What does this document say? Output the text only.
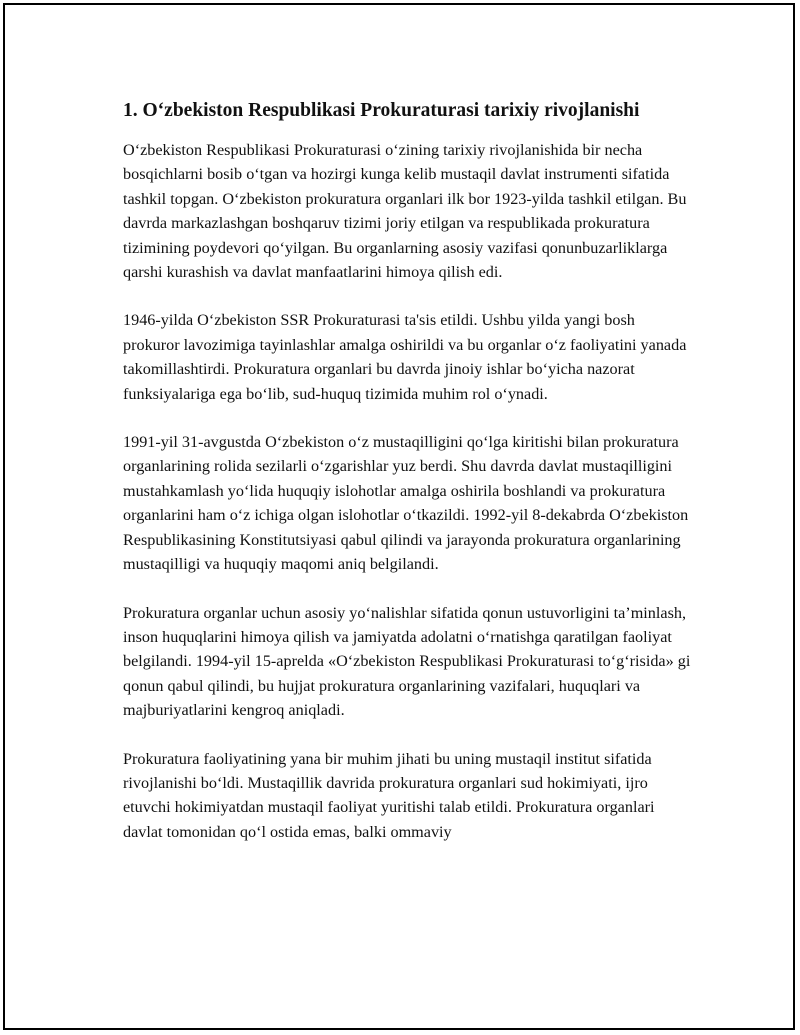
1. O‘zbekiston Respublikasi Prokuraturasi tarixiy rivojlanishi

O‘zbekiston Respublikasi Prokuraturasi o‘zining tarixiy rivojlanishida bir necha bosqichlarni bosib o‘tgan va hozirgi kunga kelib mustaqil davlat instrumenti sifatida tashkil topgan. O‘zbekiston prokuratura organlari ilk bor 1923-yilda tashkil etilgan. Bu davrda markazlashgan boshqaruv tizimi joriy etilgan va respublikada prokuratura tizimining poydevori qo‘yilgan. Bu organlarning asosiy vazifasi qonunbuzarliklarga qarshi kurashish va davlat manfaatlarini himoya qilish edi.

1946-yilda O‘zbekiston SSR Prokuraturasi ta'sis etildi. Ushbu yilda yangi bosh prokuror lavozimiga tayinlashlar amalga oshirildi va bu organlar o‘z faoliyatini yanada takomillashtirdi. Prokuratura organlari bu davrda jinoiy ishlar bo‘yicha nazorat funksiyalariga ega bo‘lib, sud-huquq tizimida muhim rol o‘ynadi.

1991-yil 31-avgustda O‘zbekiston o‘z mustaqilligini qo‘lga kiritishi bilan prokuratura organlarining rolida sezilarli o‘zgarishlar yuz berdi. Shu davrda davlat mustaqilligini mustahkamlash yo‘lida huquqiy islohotlar amalga oshirila boshlandi va prokuratura organlarini ham o‘z ichiga olgan islohotlar o‘tkazildi. 1992-yil 8-dekabrda O‘zbekiston Respublikasining Konstitutsiyasi qabul qilindi va jarayonda prokuratura organlarining mustaqilligi va huquqiy maqomi aniq belgilandi.

Prokuratura organlar uchun asosiy yo‘nalishlar sifatida qonun ustuvorligini ta’minlash, inson huquqlarini himoya qilish va jamiyatda adolatni o‘rnatishga qaratilgan faoliyat belgilandi. 1994-yil 15-aprelda «O‘zbekiston Respublikasi Prokuraturasi to‘g‘risida» gi qonun qabul qilindi, bu hujjat prokuratura organlarining vazifalari, huquqlari va majburiyatlarini kengroq aniqladi.

Prokuratura faoliyatining yana bir muhim jihati bu uning mustaqil institut sifatida rivojlanishi bo‘ldi. Mustaqillik davrida prokuratura organlari sud hokimiyati, ijro etuvchi hokimiyatdan mustaqil faoliyat yuritishi talab etildi. Prokuratura organlari davlat tomonidan qo‘l ostida emas, balki ommaviy
